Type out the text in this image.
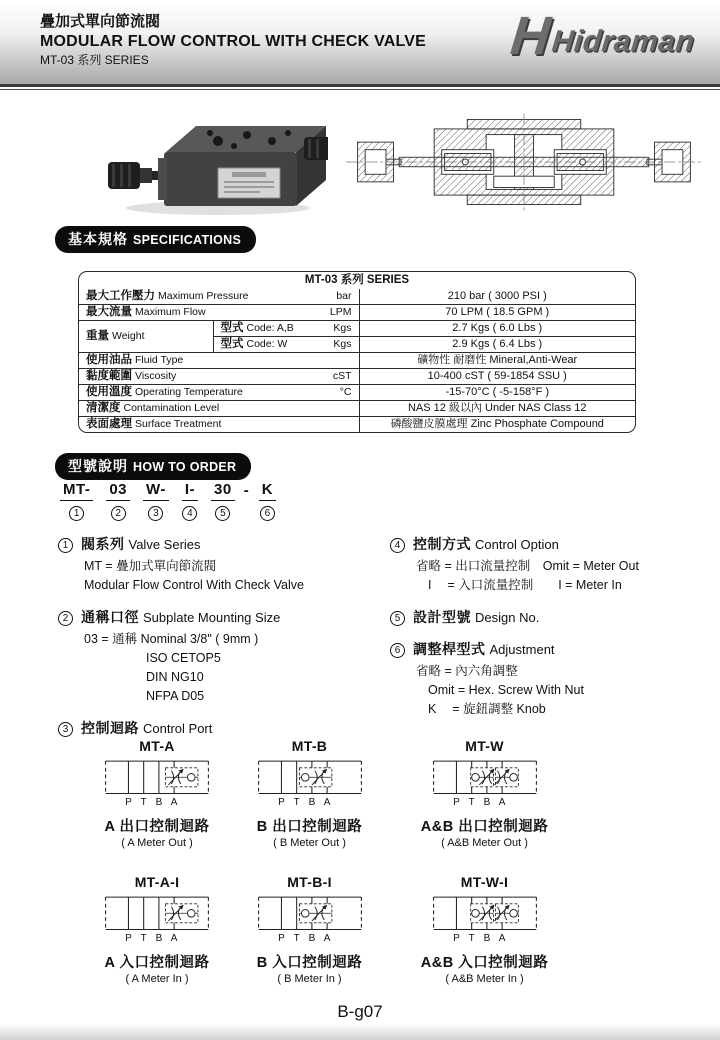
疊加式單向節流閥
MODULAR FLOW CONTROL WITH CHECK VALVE
MT-03 系列 SERIES	H
Hidraman
基本規格 SPECIFICATIONS
MT-03 系列 SERIES		

最大工作壓力 Maximum Pressure bar		210 bar ( 3000 PSI )

最大流量 Maximum Flow LPM		70 LPM ( 18.5 GPM )
重量 Weight	型式 Code: A,B Kgs	2.7 Kgs ( 6.0 Lbs )

	型式 Code: W Kgs	2.9 Kgs ( 6.4 Lbs )

使用油品 Fluid Type		礦物性 耐磨性 Mineral,Anti-Wear

黏度範圍 Viscosity cST		10-400 cST ( 59-1854 SSU )

使用溫度 Operating Temperature °C		-15-70°C ( -5-158°F )

清潔度 Contamination Level		NAS 12 級以內 Under NAS Class 12

表面處理 Surface Treatment		磷酸鹽皮膜處理 Zinc Phosphate Compound
型號說明 HOW TO ORDER
MT-
1
03
2
W-
3
I-
4
30
5
- K
6
1 閥系列 Valve Series
MT = 疊加式單向節流閥
Modular Flow Control With Check Valve
2 通稱口徑 Subplate Mounting Size
03 = 通稱 Nominal 3/8" ( 9mm )
ISO CETOP5
DIN NG10
NFPA D05
3 控制迴路 Control Port
4 控制方式 Control Option
省略 = 出口流量控制　Omit = Meter Out
I　 = 入口流量控制　　I = Meter In
5 設計型號 Design No.
6 調整桿型式 Adjustment
省略 = 內六角調整
Omit = Hex. Screw With Nut
K　 = 旋鈕調整 Knob
MT-A
P T B A
A 出口控制迴路
( A Meter Out )
MT-B
P T B A
B 出口控制迴路
( B Meter Out )
MT-W
P T B A
A&B 出口控制迴路
( A&B Meter Out )
MT-A-I
P T B A
A 入口控制迴路
( A Meter In )
MT-B-I
P T B A
B 入口控制迴路
( B Meter In )
MT-W-I
P T B A
A&B 入口控制迴路
( A&B Meter In )
B-g07
